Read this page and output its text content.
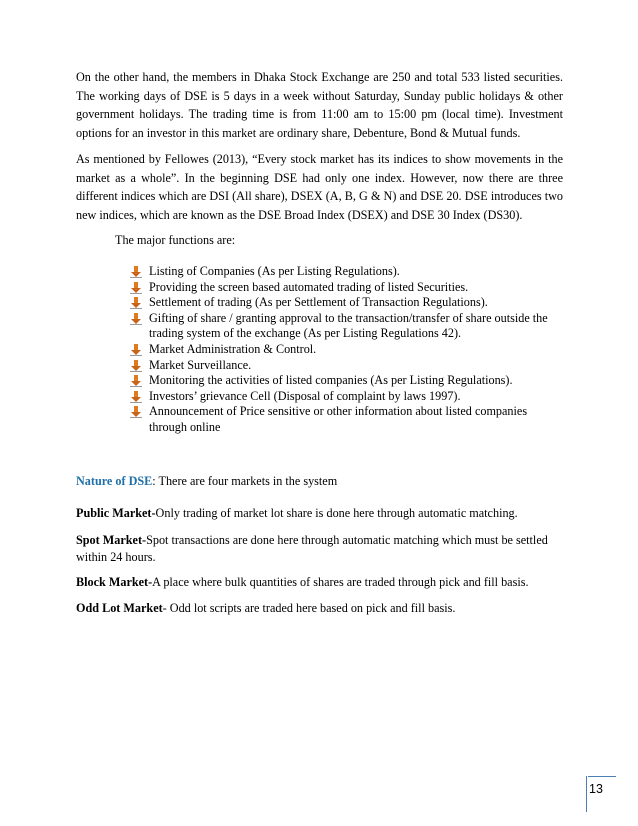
On the other hand, the members in Dhaka Stock Exchange are 250 and total 533 listed securities. The working days of DSE is 5 days in a week without Saturday, Sunday public holidays & other government holidays. The trading time is from 11:00 am to 15:00 pm (local time). Investment options for an investor in this market are ordinary share, Debenture, Bond & Mutual funds.

As mentioned by Fellowes (2013), “Every stock market has its indices to show movements in the market as a whole”. In the beginning DSE had only one index. However, now there are three different indices which are DSI (All share), DSEX (A, B, G & N) and DSE 20. DSE introduces two new indices, which are known as the DSE Broad Index (DSEX) and DSE 30 Index (DS30).

The major functions are:

Listing of Companies (As per Listing Regulations).
Providing the screen based automated trading of listed Securities.
Settlement of trading (As per Settlement of Transaction Regulations).
Gifting of share / granting approval to the transaction/transfer of share outside the trading system of the exchange (As per Listing Regulations 42).
Market Administration & Control.
Market Surveillance.
Monitoring the activities of listed companies (As per Listing Regulations).
Investors’ grievance Cell (Disposal of complaint by laws 1997).
Announcement of Price sensitive or other information about listed companies through online

Nature of DSE: There are four markets in the system

Public Market-Only trading of market lot share is done here through automatic matching.

Spot Market-Spot transactions are done here through automatic matching which must be settled within 24 hours.

Block Market-A place where bulk quantities of shares are traded through pick and fill basis.

Odd Lot Market- Odd lot scripts are traded here based on pick and fill basis.

13
